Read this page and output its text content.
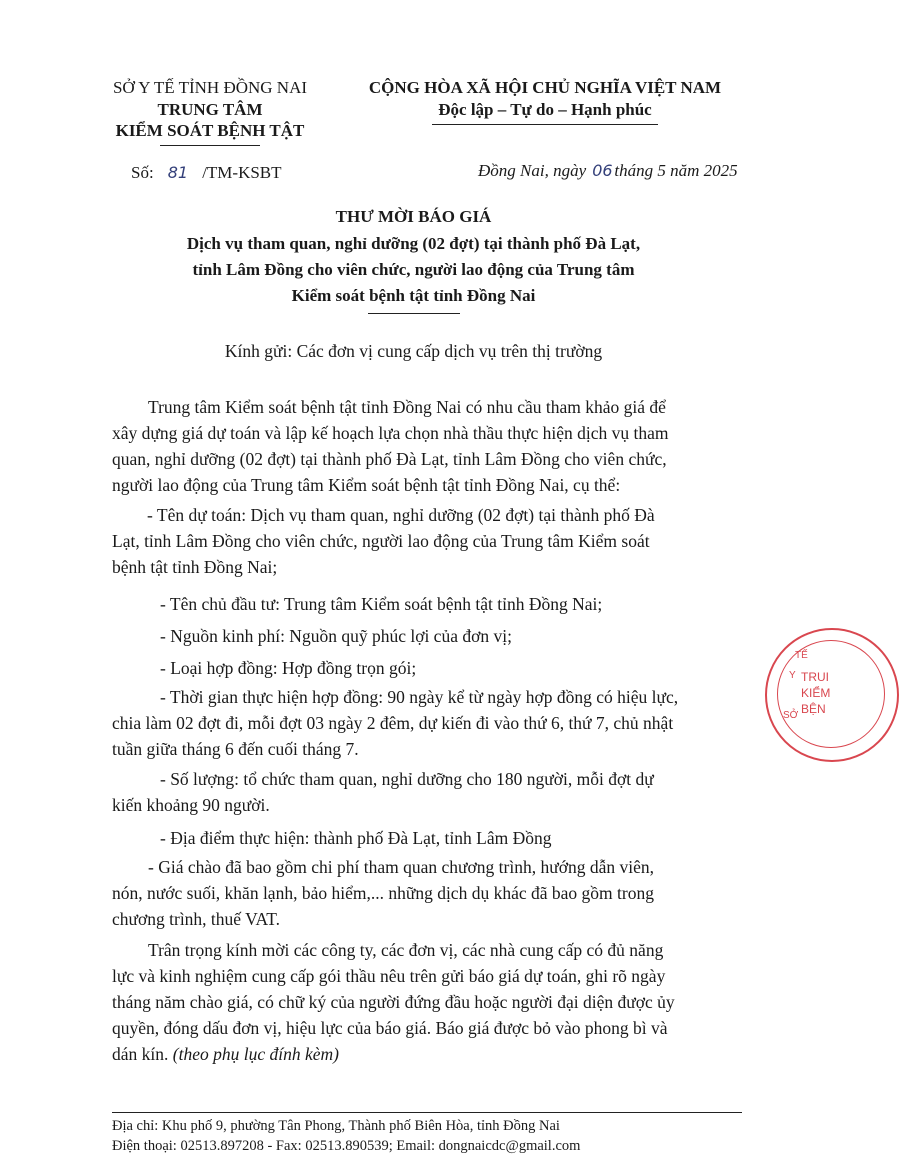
SỞ Y TẾ TỈNH ĐỒNG NAI
TRUNG TÂM
KIỂM SOÁT BỆNH TẬT
CỘNG HÒA XÃ HỘI CHỦ NGHĨA VIỆT NAM
Độc lập – Tự do – Hạnh phúc
Số: 81 /TM-KSBT	Đồng Nai, ngày 06 tháng 5 năm 2025
THƯ MỜI BÁO GIÁ
Dịch vụ tham quan, nghỉ dưỡng (02 đợt) tại thành phố Đà Lạt,
tỉnh Lâm Đồng cho viên chức, người lao động của Trung tâm
Kiểm soát bệnh tật tỉnh Đồng Nai
Kính gửi: Các đơn vị cung cấp dịch vụ trên thị trường
Trung tâm Kiểm soát bệnh tật tỉnh Đồng Nai có nhu cầu tham khảo giá để
xây dựng giá dự toán và lập kế hoạch lựa chọn nhà thầu thực hiện dịch vụ tham
quan, nghỉ dưỡng (02 đợt) tại thành phố Đà Lạt, tỉnh Lâm Đồng cho viên chức,
người lao động của Trung tâm Kiểm soát bệnh tật tỉnh Đồng Nai, cụ thể:
- Tên dự toán: Dịch vụ tham quan, nghỉ dưỡng (02 đợt) tại thành phố Đà
Lạt, tỉnh Lâm Đồng cho viên chức, người lao động của Trung tâm Kiểm soát
bệnh tật tỉnh Đồng Nai;
- Tên chủ đầu tư: Trung tâm Kiểm soát bệnh tật tỉnh Đồng Nai;
- Nguồn kinh phí: Nguồn quỹ phúc lợi của đơn vị;
- Loại hợp đồng: Hợp đồng trọn gói;
- Thời gian thực hiện hợp đồng: 90 ngày kể từ ngày hợp đồng có hiệu lực,
chia làm 02 đợt đi, mỗi đợt 03 ngày 2 đêm, dự kiến đi vào thứ 6, thứ 7, chủ nhật
tuần giữa tháng 6 đến cuối tháng 7.
- Số lượng: tổ chức tham quan, nghỉ dưỡng cho 180 người, mỗi đợt dự
kiến khoảng 90 người.
- Địa điểm thực hiện: thành phố Đà Lạt, tỉnh Lâm Đồng
- Giá chào đã bao gồm chi phí tham quan chương trình, hướng dẫn viên,
nón, nước suối, khăn lạnh, bảo hiểm,... những dịch dụ khác đã bao gồm trong
chương trình, thuế VAT.
Trân trọng kính mời các công ty, các đơn vị, các nhà cung cấp có đủ năng
lực và kinh nghiệm cung cấp gói thầu nêu trên gửi báo giá dự toán, ghi rõ ngày
tháng năm chào giá, có chữ ký của người đứng đầu hoặc người đại diện được ủy
quyền, đóng dấu đơn vị, hiệu lực của báo giá. Báo giá được bỏ vào phong bì và
dán kín. (theo phụ lục đính kèm)
TRUI
KIỂM
BỆN
Y
TẾ
SỞ
Địa chỉ: Khu phố 9, phường Tân Phong, Thành phố Biên Hòa, tỉnh Đồng Nai
Điện thoại: 02513.897208 - Fax: 02513.890539; Email: dongnaicdc@gmail.com
